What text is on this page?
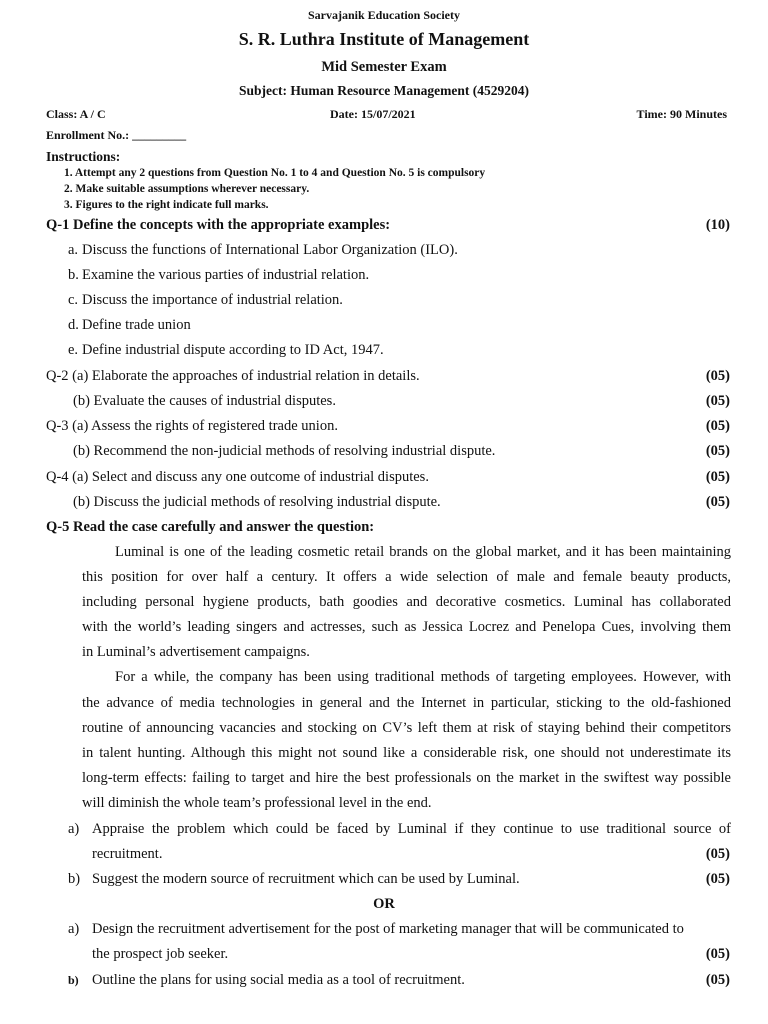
Sarvajanik Education Society
S. R. Luthra Institute of Management
Mid Semester Exam
Subject: Human Resource Management (4529204)
Class: A / C	Date: 15/07/2021	Time: 90 Minutes
Enrollment No.: _________
Instructions:
1. Attempt any 2 questions from Question No. 1 to 4 and Question No. 5 is compulsory
2. Make suitable assumptions wherever necessary.
3. Figures to the right indicate full marks.
Q-1 Define the concepts with the appropriate examples:	(10)
a. Discuss the functions of International Labor Organization (ILO).
b. Examine the various parties of industrial relation.
c. Discuss the importance of industrial relation.
d. Define trade union
e. Define industrial dispute according to ID Act, 1947.
Q-2 (a) Elaborate the approaches of industrial relation in details.	(05)
(b) Evaluate the causes of industrial disputes.	(05)
Q-3 (a) Assess the rights of registered trade union.	(05)
(b) Recommend the non-judicial methods of resolving industrial dispute.	(05)
Q-4 (a) Select and discuss any one outcome of industrial disputes.	(05)
(b) Discuss the judicial methods of resolving industrial dispute.	(05)
Q-5 Read the case carefully and answer the question:
Luminal is one of the leading cosmetic retail brands on the global market, and it has been maintaining
this position for over half a century. It offers a wide selection of male and female beauty products,
including personal hygiene products, bath goodies and decorative cosmetics. Luminal has collaborated
with the world’s leading singers and actresses, such as Jessica Locrez and Penelopa Cues, involving them
in Luminal’s advertisement campaigns.
For a while, the company has been using traditional methods of targeting employees. However, with
the advance of media technologies in general and the Internet in particular, sticking to the old-fashioned
routine of announcing vacancies and stocking on CV’s left them at risk of staying behind their competitors
in talent hunting. Although this might not sound like a considerable risk, one should not underestimate its
long-term effects: failing to target and hire the best professionals on the market in the swiftest way possible
will diminish the whole team’s professional level in the end.
a) Appraise the problem which could be faced by Luminal if they continue to use traditional source of
recruitment.	(05)
b) Suggest the modern source of recruitment which can be used by Luminal.	(05)
OR
a) Design the recruitment advertisement for the post of marketing manager that will be communicated to
the prospect job seeker.	(05)
b) Outline the plans for using social media as a tool of recruitment.	(05)
